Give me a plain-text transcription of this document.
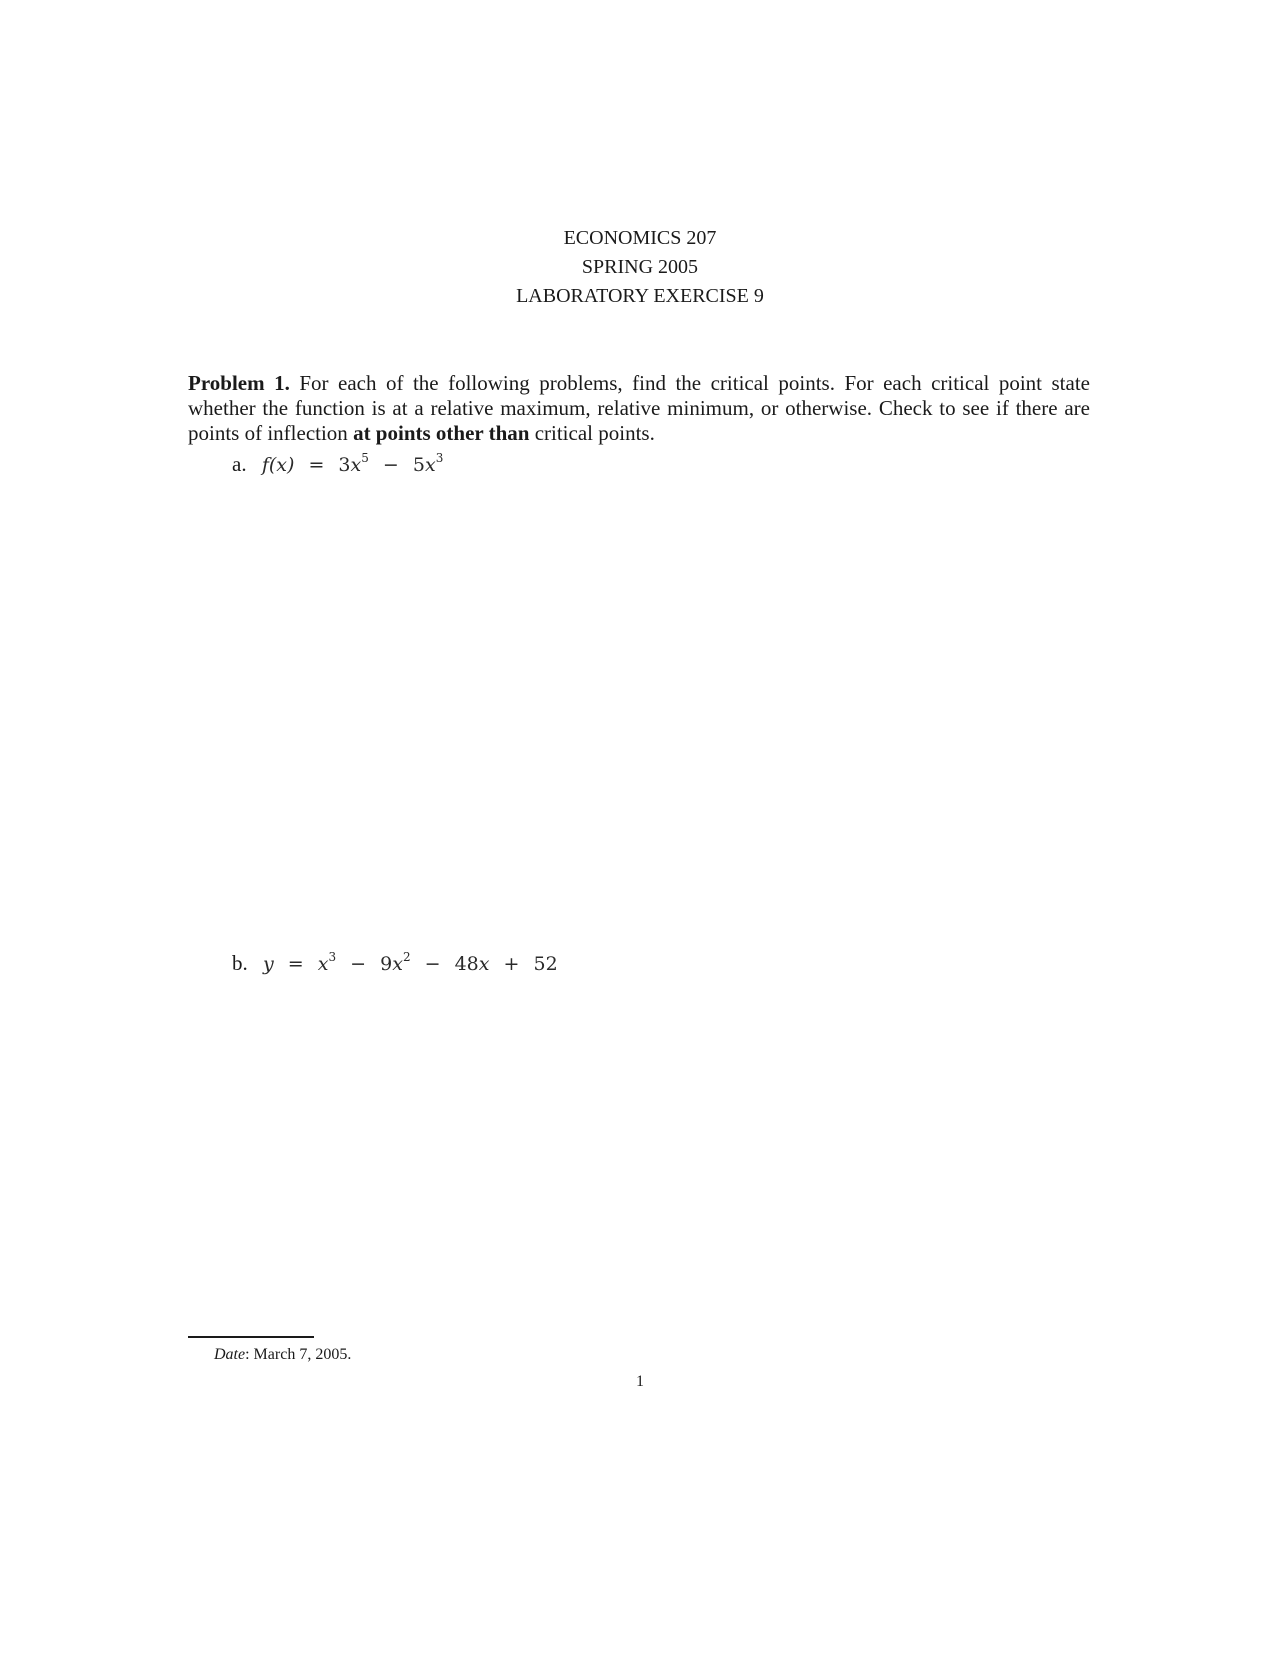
ECONOMICS 207
SPRING 2005
LABORATORY EXERCISE 9
Problem 1. For each of the following problems, find the critical points. For each critical point state whether the function is at a relative maximum, relative minimum, or otherwise. Check to see if there are points of inflection at points other than critical points.
a. $f(x) = 3x^5 - 5x^3$
b. $y = x^3 - 9x^2 - 48x + 52$
Date: March 7, 2005.
1
